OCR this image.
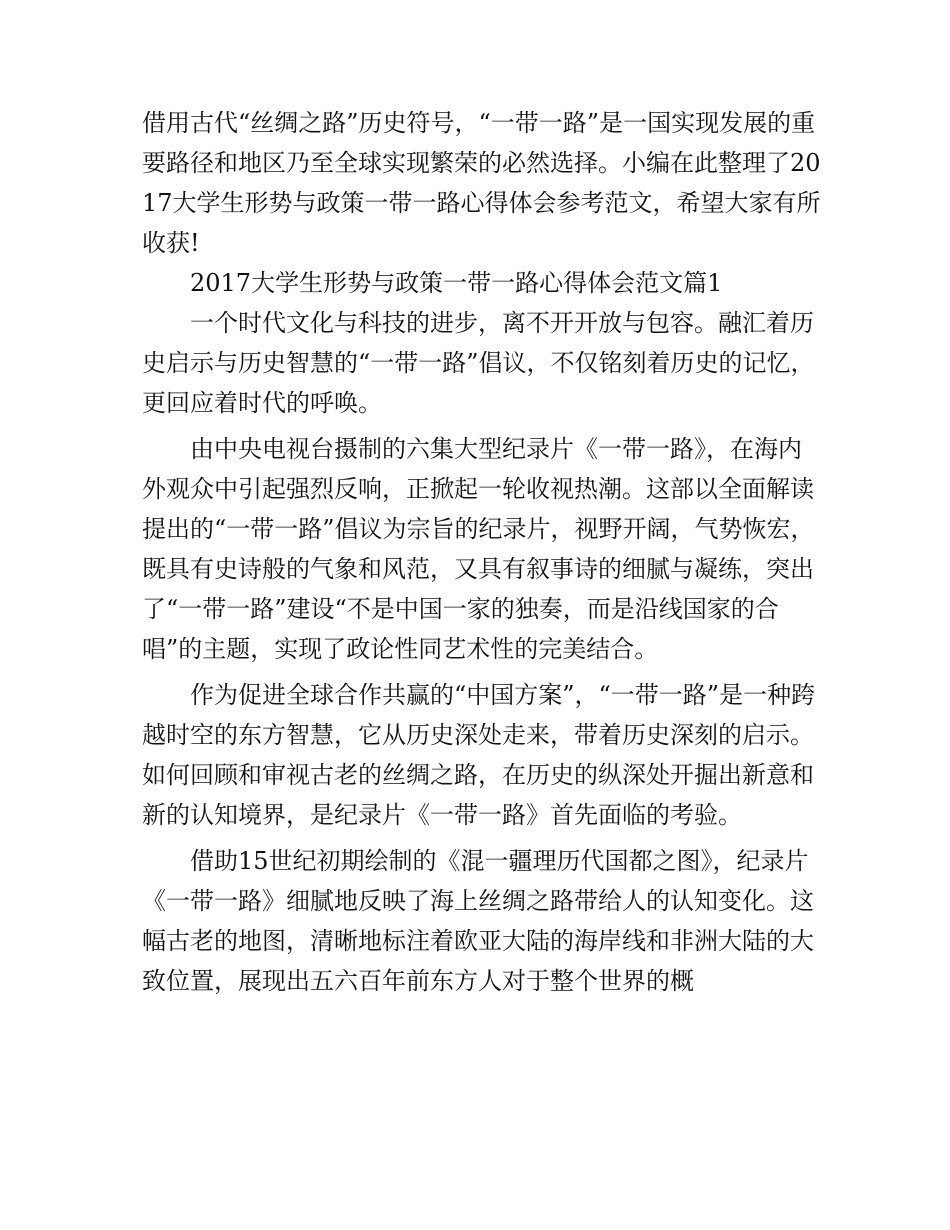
借用古代“丝绸之路”历史符号，“一带一路”是一国实现发展的重要路径和地区乃至全球实现繁荣的必然选择。小编在此整理了2017大学生形势与政策一带一路心得体会参考范文，希望大家有所收获!

2017大学生形势与政策一带一路心得体会范文篇1

一个时代文化与科技的进步，离不开开放与包容。融汇着历史启示与历史智慧的“一带一路”倡议，不仅铭刻着历史的记忆，更回应着时代的呼唤。

由中央电视台摄制的六集大型纪录片《一带一路》，在海内外观众中引起强烈反响，正掀起一轮收视热潮。这部以全面解读提出的“一带一路”倡议为宗旨的纪录片，视野开阔，气势恢宏，既具有史诗般的气象和风范，又具有叙事诗的细腻与凝练，突出了“一带一路”建设“不是中国一家的独奏，而是沿线国家的合唱”的主题，实现了政论性同艺术性的完美结合。

作为促进全球合作共赢的“中国方案”，“一带一路”是一种跨越时空的东方智慧，它从历史深处走来，带着历史深刻的启示。如何回顾和审视古老的丝绸之路，在历史的纵深处开掘出新意和新的认知境界，是纪录片《一带一路》首先面临的考验。

借助15世纪初期绘制的《混一疆理历代国都之图》，纪录片《一带一路》细腻地反映了海上丝绸之路带给人的认知变化。这幅古老的地图，清晰地标注着欧亚大陆的海岸线和非洲大陆的大致位置，展现出五六百年前东方人对于整个世界的概
